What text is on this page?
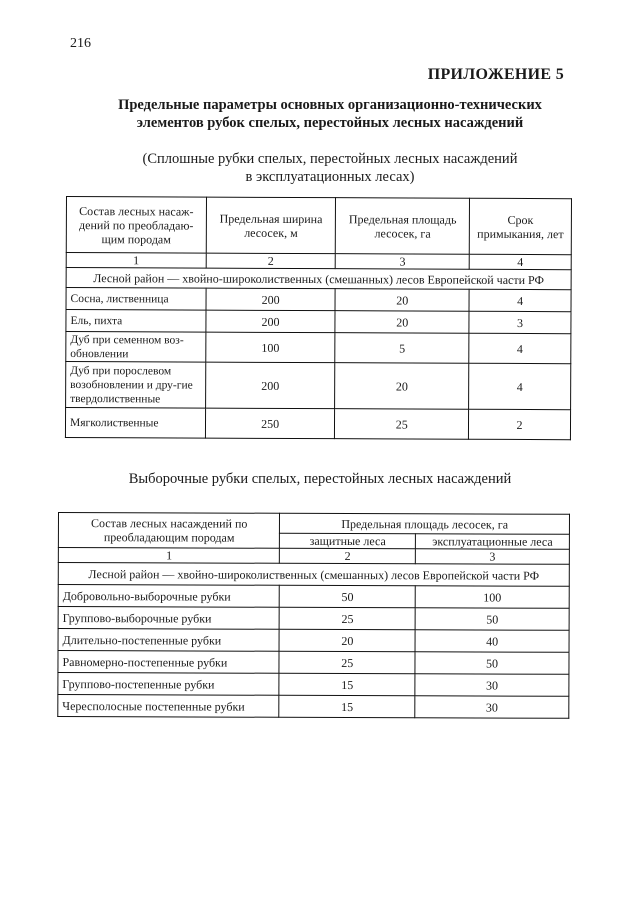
216
ПРИЛОЖЕНИЕ 5
Предельные параметры основных организационно-технических
элементов рубок спелых, перестойных лесных насаждений
(Сплошные рубки спелых, перестойных лесных насаждений
в эксплуатационных лесах)
Состав лесных насаж-дений по преобладаю-щим породам	Предельная ширина лесосек, м	Предельная площадь лесосек, га	Срок примыкания, лет
1	2	3	4
Лесной район — хвойно-широколиственных (смешанных) лесов Европейской части РФ			
Сосна, лиственница	200	20	4
Ель, пихта	200	20	3
Дуб при семенном воз-обновлении	100	5	4
Дуб при порослевом возобновлении и дру-гие твердолиственные	200	20	4
Мягколиственные	250	25	2
Выборочные рубки спелых, перестойных лесных насаждений
Состав лесных насаждений по преобладающим породам	Предельная площадь лесосек, га	
	защитные леса	эксплуатационные леса
1	2	3
Лесной район — хвойно-широколиственных (смешанных) лесов Европейской части РФ		
Добровольно-выборочные рубки	50	100
Группово-выборочные рубки	25	50
Длительно-постепенные рубки	20	40
Равномерно-постепенные рубки	25	50
Группово-постепенные рубки	15	30
Чересполосные постепенные рубки	15	30
